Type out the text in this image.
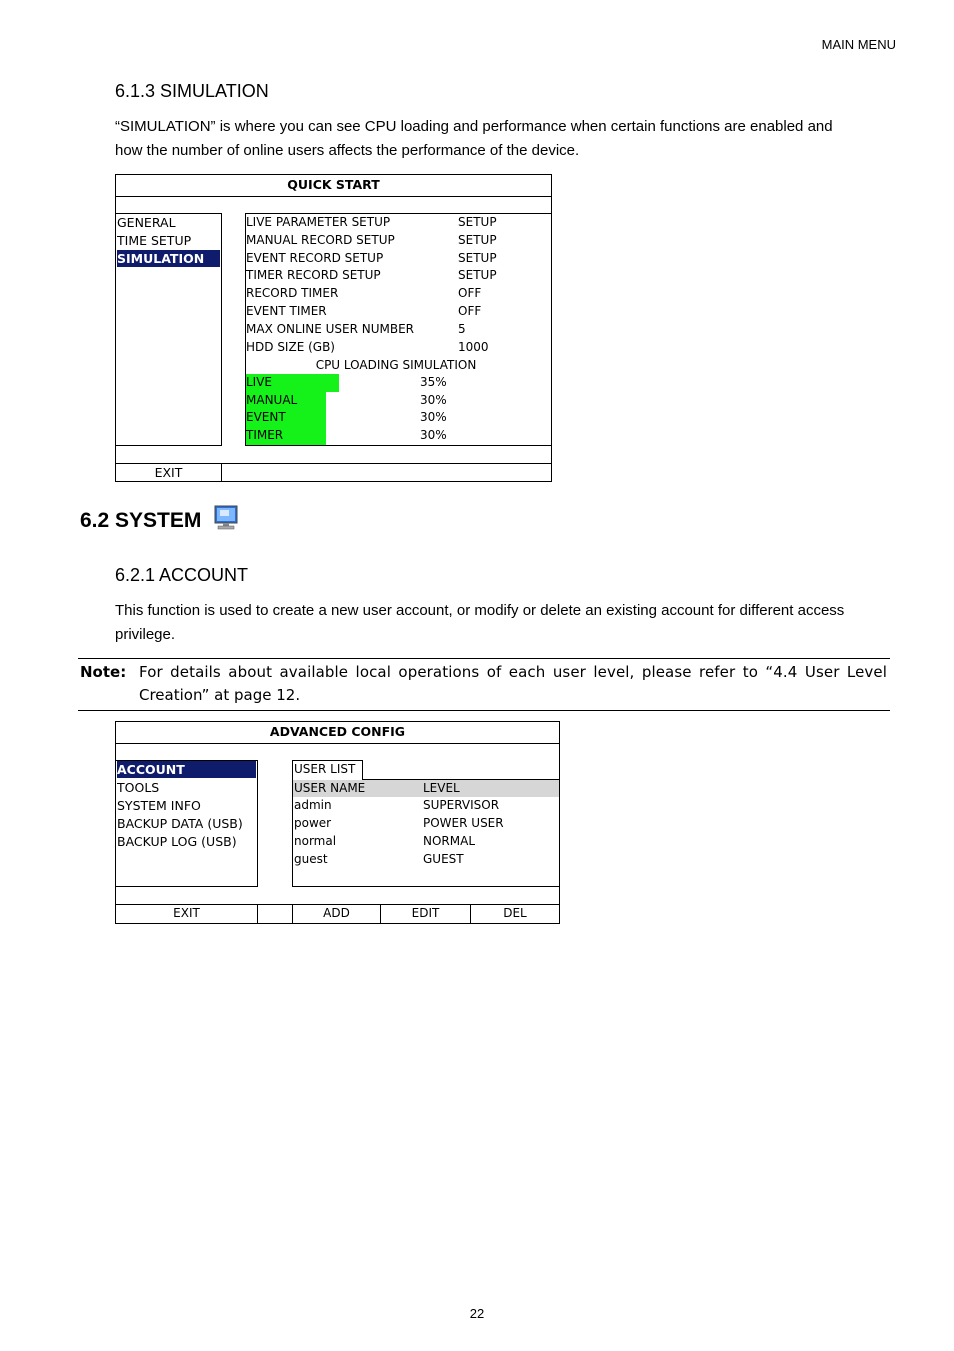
MAIN MENU
6.1.3 SIMULATION
“SIMULATION” is where you can see CPU loading and performance when certain functions are enabled and
how the number of online users affects the performance of the device.
QUICK START
GENERAL
TIME SETUP
SIMULATION
LIVE PARAMETER SETUP	SETUP
MANUAL RECORD SETUP	SETUP
EVENT RECORD SETUP	SETUP
TIMER RECORD SETUP	SETUP
RECORD TIMER	OFF
EVENT TIMER	OFF
MAX ONLINE USER NUMBER	5
HDD SIZE (GB)	1000
CPU LOADING SIMULATION
LIVE	35%
MANUAL	30%
EVENT	30%
TIMER	30%
EXIT
6.2 SYSTEM
6.2.1 ACCOUNT
This function is used to create a new user account, or modify or delete an existing account for different access
privilege.
Note: For details about available local operations of each user level, please refer to “4.4 User Level
Creation” at page 12.
ADVANCED CONFIG
ACCOUNT
TOOLS
SYSTEM INFO
BACKUP DATA (USB)
BACKUP LOG (USB)
USER LIST
USER NAME	LEVEL
admin	SUPERVISOR
power	POWER USER
normal	NORMAL
guest	GUEST
EXIT	ADD	EDIT	DEL
22
